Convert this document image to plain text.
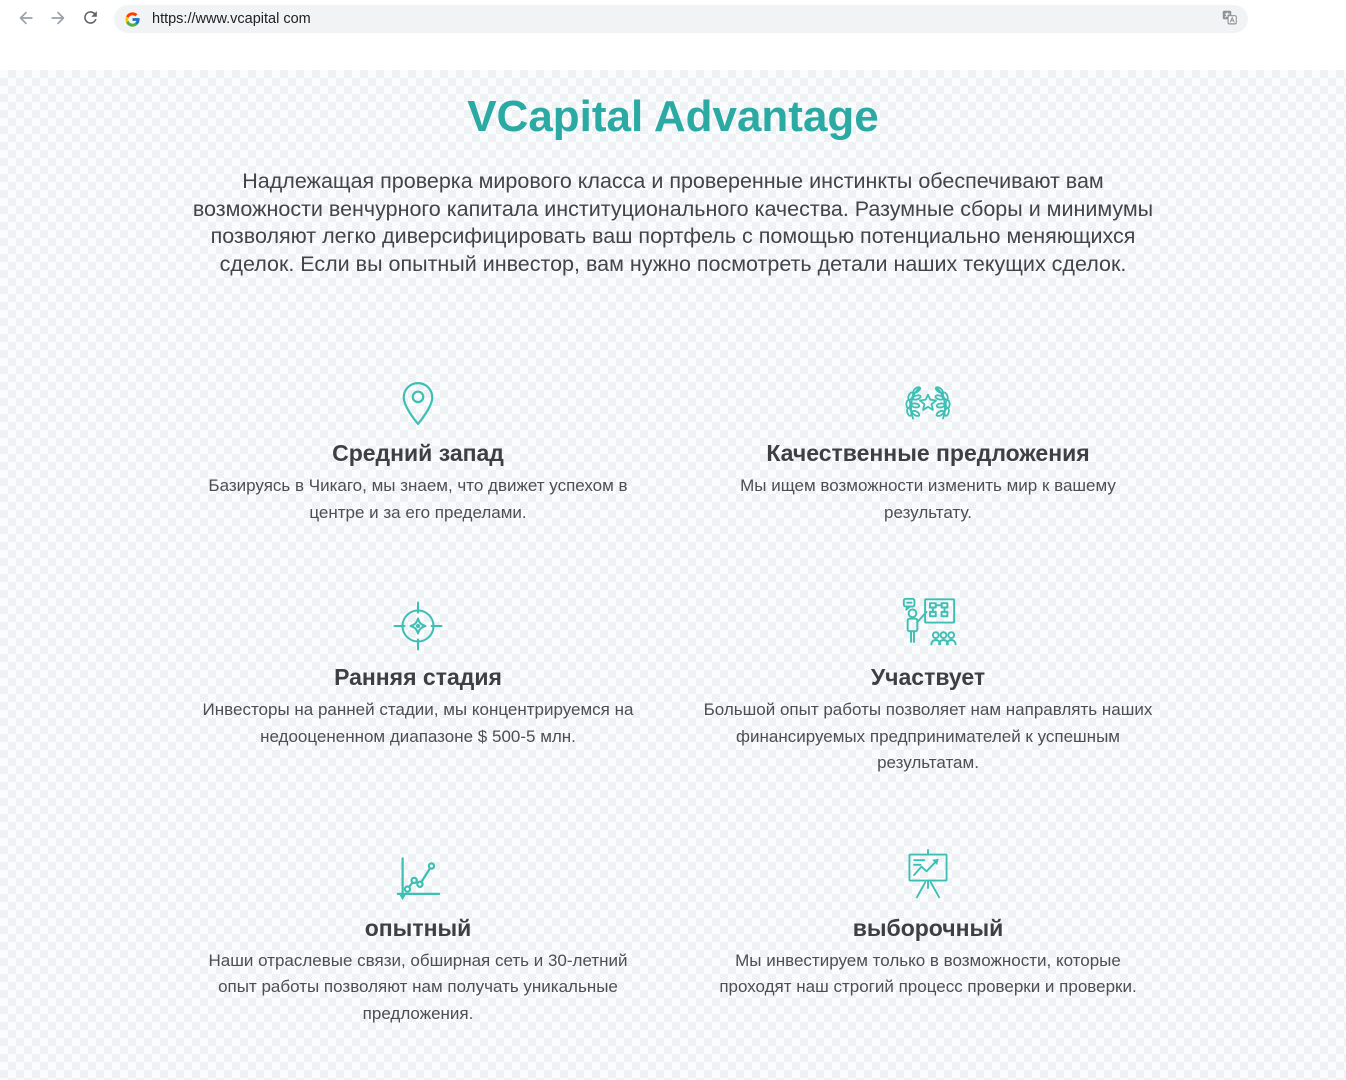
https://www.vcapital com
VCapital Advantage

Надлежащая проверка мирового класса и проверенные инстинкты обеспечивают вам возможности венчурного капитала институционального качества. Разумные сборы и минимумы позволяют легко диверсифицировать ваш портфель с помощью потенциально меняющихся сделок. Если вы опытный инвестор, вам нужно посмотреть детали наших текущих сделок.

Средний запад

Базируясь в Чикаго, мы знаем, что движет успехом в центре и за его пределами.

Качественные предложения

Мы ищем возможности изменить мир к вашему результату.

Ранняя стадия

Инвесторы на ранней стадии, мы концентрируемся на недооцененном диапазоне $ 500-5 млн.

Участвует

Большой опыт работы позволяет нам направлять наших финансируемых предпринимателей к успешным результатам.

опытный

Наши отраслевые связи, обширная сеть и 30-летний опыт работы позволяют нам получать уникальные предложения.

выборочный

Мы инвестируем только в возможности, которые проходят наш строгий процесс проверки и проверки.
